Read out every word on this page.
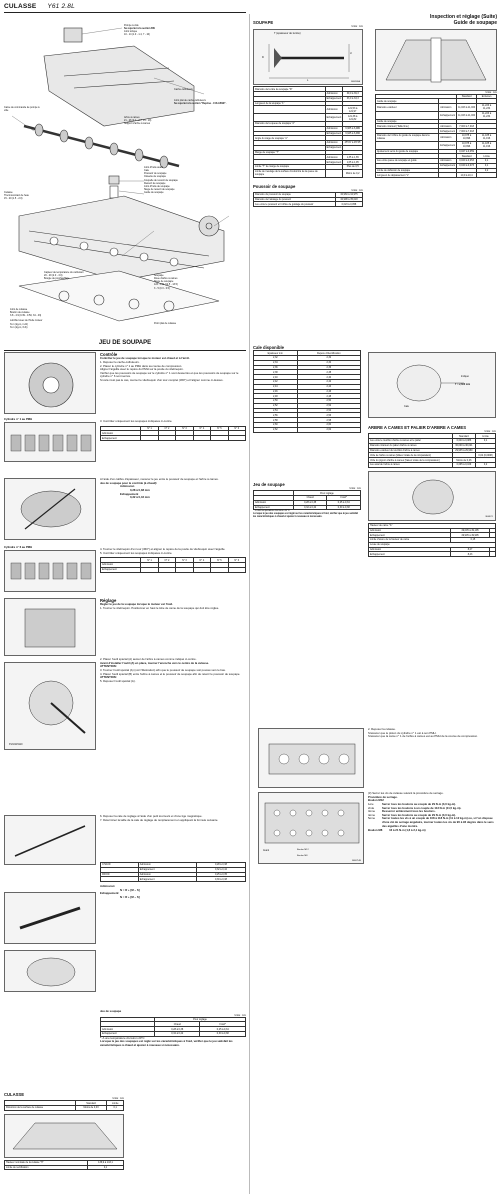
CULASSE Y61 2.8L
Pompe à vide
Se reporter à la section BR.
Joint torique
10 - 14 (1.0 - 1.4, 7 - 10)
Cache-culbuteurs
Joint plat de cache-culbuteurs
Se reporter à la section "Reprise - CULASSE".
Came de commande de pompe à vide
Arbre à cames
21 - 26 (2.1 - 2.7, 15 - 19)
Support d'arbre à cames
Joint d'huile avant
Cale
Poussoir de soupape
Clavette de soupape
Coupelle de ressort de soupape
Ressort de soupape
Joint d'huile de soupape
Siège de ressort de soupape
Guide de soupape
Culasse
Thermocontact de l'eau
15 - 20 (1.5 - 2.0)
Capteur de température du carburant
20 - 29 (2.0 - 3.0)
Bougie de préchauffage
Soupape
Roue d'arbre à cames
Siège de soupape
123 - 132 (12.5 - 13.5)
3 - 5 (0.3 - 0.5)
Joint de culasse
Boulon de culasse
3.8 - 4.9 (0.39 - 0.50, 34 - 43)
Lubrifier avec de l'huile moteur
N·m (kg-m, in-lb)
N·m (kg-m, ft-lb)
Point plat de culasse
SOUPAPE
Unité : mm
T (épaisseur de la tête)
L
D
d
SEM188A
Diamètre de la tête de soupape "D"		
	Admission	39,0 à 39,3
	Echappement	33,0 à 33,3
Longueur de la soupape "L"		
	Admission	121,53 à 121,97
	Echappement	121,38 à 121,82
Diamètre de la queue de soupape "d"		
	Admission	6,965 à 6,980
	Echappement	6,945 à 6,960
Angle du siège de soupape "α"		
	Admission	45°15' à 45°45'
	Echappement	
Marge de soupape "T"		
	Admission	1,35 à 1,65
	Echappement	1,65 à 1,95
Limite "T" de marge de soupape		Plus de 0,5
Limite de meulage de la surface d'extrémité de la queue de soupape		Moins de 0,2
Poussoir de soupape
Unité : mm
Diamètre du poussoir de soupape	34,960 à 34,975
Diamètre de l'alésage du poussoir	34,998 à 35,018
Jeu entre le poussoir et l'orifice de guidage du poussoir	0,023 à 0,058
Inspection et réglage (Suite)
Guide de soupape
Unité : mm
		Standard	Entretien
Guide de soupape			
Diamètre extérieur	Admission	11,023 à 11,034	11,223 à 11,234
	Echappement	11,023 à 11,034	11,223 à 11,234
Guide de soupape			
Diamètre intérieur [Taille finie]	Admission	7,000 à 7,018	
	Echappement	7,000 à 7,018	
Diamètre de l'orifice du guide de soupape dans la culasse	Admission	10,975 à 10,996	11,185 à 11,196
	Echappement	10,975 à 10,996	11,185 à 11,196
Ajustement serré du guide de soupape		0,027 à 0,059	
		Standard	Limite
Jeu entre queue de soupape et guide	Admission	0,020 à 0,053	0,1
	Echappement	0,040 à 0,073	0,1
Limite de déflexion de soupape			0,2
Longueur de dépassement "L"		10,9 à 10,4	
JEU DE SOUPAPE
Contrôle
Contrôler le jeu de soupape lorsque le moteur est chaud et à l'arrêt.
1. Déposer le cache-culbuteurs.
2. Placer le cylindre n° 1 au PMH dans sa course de compression.
Aligner l'aiguille avec le repère du PMH sur la poulie du vilebrequin.
Vérifier que les poussoirs de soupape sur le cylindre n° 1 sont desserrés et que les poussoirs de soupape sur le cylindre n° 6 sont serrés.
Si cela n'est pas le cas, tourner le vilebrequin d'un tour complet (360°) et l'aligner comme ci-dessus.
Cylindre n° 1 au PMH	3. Contrôler uniquement les soupapes indiquées ci-contre.
	N° 1	N° 2	N° 3	N° 4	N° 5	N° 6
Admission						
Echappement						
A l'aide d'un calibre d'épaisseur, mesurer le jeu entre le poussoir de soupape et l'arbre à cames.
Jeu de soupape pour le contrôle (à chaud):
Admission
0,28 à 0,38 mm
Echappement
0,32 à 0,42 mm
Cylindre n° 6 au PMH	4. Tourner le vilebrequin d'un tour (360°) et aligner le repère de la poulie de vilebrequin avec l'aiguille.
5. Contrôler uniquement les soupapes indiquées ci-contre.
	N° 1	N° 2	N° 3	N° 4	N° 5	N° 6
Admission						
Echappement						
Réglage
Régler le jeu de la soupape lorsque le moteur est froid.
1. Tourner le vilebrequin. Positionner en haut le lobe de came de la soupape qui doit être réglée.
KV10115110
2. Placer l'outil spécial (A) autour de l'arbre à cames comme indiqué ci-contre.
Avant d'installer l'outil (A) en place, tourner l'encoche vers le centre de la culasse.
ATTENTION:
3. Tourner l'outil spécial (A) (voir l'illustration) afin que le poussoir de soupape soit poussé vers le bas.
4. Placer l'outil spécial (B) entre l'arbre à cames et le poussoir de soupape afin de retenir le poussoir de soupape.
ATTENTION:
5. Déposer l'outil spécial (A).
6. Déposer la cale de réglage à l'aide d'un petit tournevis et d'une tige magnétique.
7. Déterminer la taille de la cale de réglage de remplacement en appliquant la formule suivante.
CHAUD	Admission	0,28 à 0,38
	Echappement	0,32 à 0,42
FROID	Admission	0,25 à 0,35
	Echappement	0,30 à 0,38
Admission:
N = R + [M − S]
Echappement:
N = R + [M − S]
Jeu de soupape
Unité : mm
	Pour réglage	
	Chaud	Froid*
Admission	0,28 à 0,38	0,25 à 0,34
Echappement	0,32 à 0,42	0,30 à 0,38
*: A une température d'environ 20°C
Lorsque le jeu des soupapes est réglé sur les caractéristiques à froid, vérifier que le jeu satisfait les caractéristiques à chaud et ajuster à nouveau si nécessaire.
CULASSE
Unité : mm
	Standard	Limite
Distorsion de la surface de culasse	Moins de 0,03	0,1
Hauteur nominale de la culasse "H"	136,9 à 143,1
Limite de rectification	0,1
Cale disponible
Epaisseur mm	Repère d'identification
2,32	2,32
2,34	2,34
2,36	2,36
2,38	2,38
2,40	2,40
2,42	2,42
2,44	2,44
2,46	2,46
2,48	2,48
2,50	2,50
2,52	2,52
2,54	2,54
2,56	2,56
2,58	2,58
2,60	2,60
2,62	2,62
Cale
Indiqué
T = 2,600 mm
Jeu de soupape
Unité : mm
	Pour réglage	
	Chaud	Froid*
Admission	0,28 à 0,38	0,25 à 0,34
Echappement	0,32 à 0,42	0,30 à 0,38
*: A une température d'environ 20°C
Lorsque le jeu des soupapes est réglé sur les caractéristiques à froid, vérifier que le jeu satisfait les caractéristiques à chaud et ajuster à nouveau si nécessaire.
ARBRE A CAMES ET PALIER D'ARBRE A CAMES
Unité : mm
	Standard	Limite
Jeu entre le tourillon d'arbre à cames et le palier	0,040 à 0,086	0,1
Diamètre intérieur du palier d'arbre à cames	30,000 à 30,021	
Diamètre extérieur du tourillon d'arbre à cames	29,935 à 29,960	
Voile de l'arbre à cames [Valeur totale de la comparaison]		0,02 (0,0008)
Voile du pignon d'arbre à cames [Valeur totale de la comparaison]	Moins de 0,26	
Jeu axial de l'arbre à cames	0,095 à 0,169	0,2
SEM671
Hauteur de came "A"		
Admission	49,005 à 49,195	
Echappement	49,905 à 49,995	
Limite d'usure de la hauteur de came	0,15	
Levée de soupape		
Admission	8,27	
Echappement	8,43	
2. Reposer la culasse.
S'assurer que le piston du cylindre n° 1 est à son PMH.
S'assurer que la came n° 1 de l'arbre à cames est au PMH de la course de compression.
Avant	Boulon M12
Boulon M8
SEM714B
(3) Serrer les vis de culasse suivant la procédure de serrage.
Procédure de serrage.
Boulon M12
1ère	Serrer tous les boulons au couple de 29 N·m (3,0 kg-m).
2nde	Serrer tous les boulons à un couple de 113 N·m (11,5 kg-m).
3ème	Desserrer entièrement tous les boulons.
4ème	Serrer tous les boulons au couple de 29 N·m (3,0 kg-m).
5ème	Serrer toutes les vis à un couple de 108 à 118 N·m (11 à 12 kg-m) ou, si l'on dispose d'une clé de serrage angulaire, tourner toutes les vis de 90 à 92 degrés dans le sens des aiguilles d'une montre.
Boulon M8 16 à 21 N·m (1,6 à 2,1 kg-m)
